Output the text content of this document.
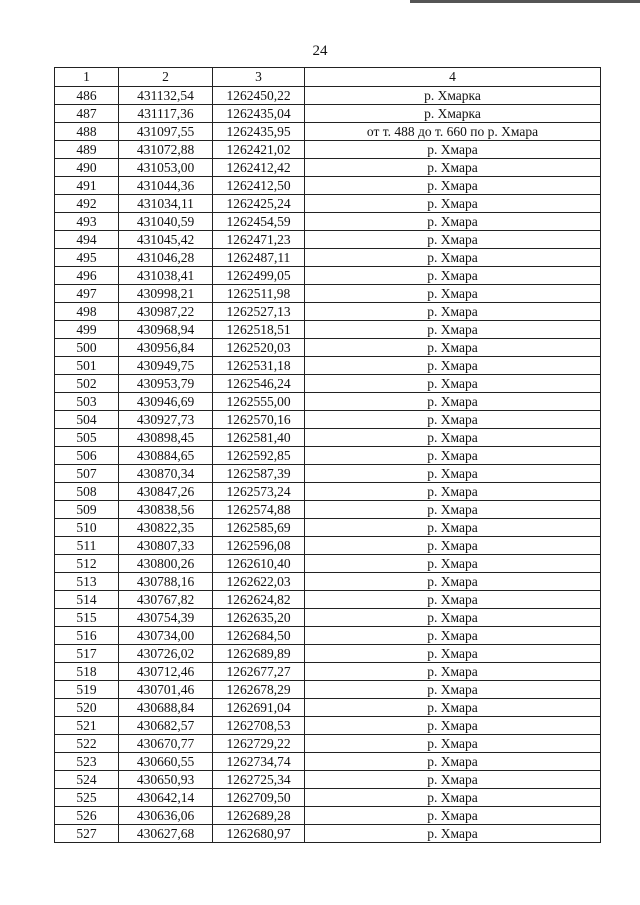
24
1	2	3	4
486	431132,54	1262450,22	р. Хмарка
487	431117,36	1262435,04	р. Хмарка
488	431097,55	1262435,95	от т. 488 до т. 660 по р. Хмара
489	431072,88	1262421,02	р. Хмара
490	431053,00	1262412,42	р. Хмара
491	431044,36	1262412,50	р. Хмара
492	431034,11	1262425,24	р. Хмара
493	431040,59	1262454,59	р. Хмара
494	431045,42	1262471,23	р. Хмара
495	431046,28	1262487,11	р. Хмара
496	431038,41	1262499,05	р. Хмара
497	430998,21	1262511,98	р. Хмара
498	430987,22	1262527,13	р. Хмара
499	430968,94	1262518,51	р. Хмара
500	430956,84	1262520,03	р. Хмара
501	430949,75	1262531,18	р. Хмара
502	430953,79	1262546,24	р. Хмара
503	430946,69	1262555,00	р. Хмара
504	430927,73	1262570,16	р. Хмара
505	430898,45	1262581,40	р. Хмара
506	430884,65	1262592,85	р. Хмара
507	430870,34	1262587,39	р. Хмара
508	430847,26	1262573,24	р. Хмара
509	430838,56	1262574,88	р. Хмара
510	430822,35	1262585,69	р. Хмара
511	430807,33	1262596,08	р. Хмара
512	430800,26	1262610,40	р. Хмара
513	430788,16	1262622,03	р. Хмара
514	430767,82	1262624,82	р. Хмара
515	430754,39	1262635,20	р. Хмара
516	430734,00	1262684,50	р. Хмара
517	430726,02	1262689,89	р. Хмара
518	430712,46	1262677,27	р. Хмара
519	430701,46	1262678,29	р. Хмара
520	430688,84	1262691,04	р. Хмара
521	430682,57	1262708,53	р. Хмара
522	430670,77	1262729,22	р. Хмара
523	430660,55	1262734,74	р. Хмара
524	430650,93	1262725,34	р. Хмара
525	430642,14	1262709,50	р. Хмара
526	430636,06	1262689,28	р. Хмара
527	430627,68	1262680,97	р. Хмара
